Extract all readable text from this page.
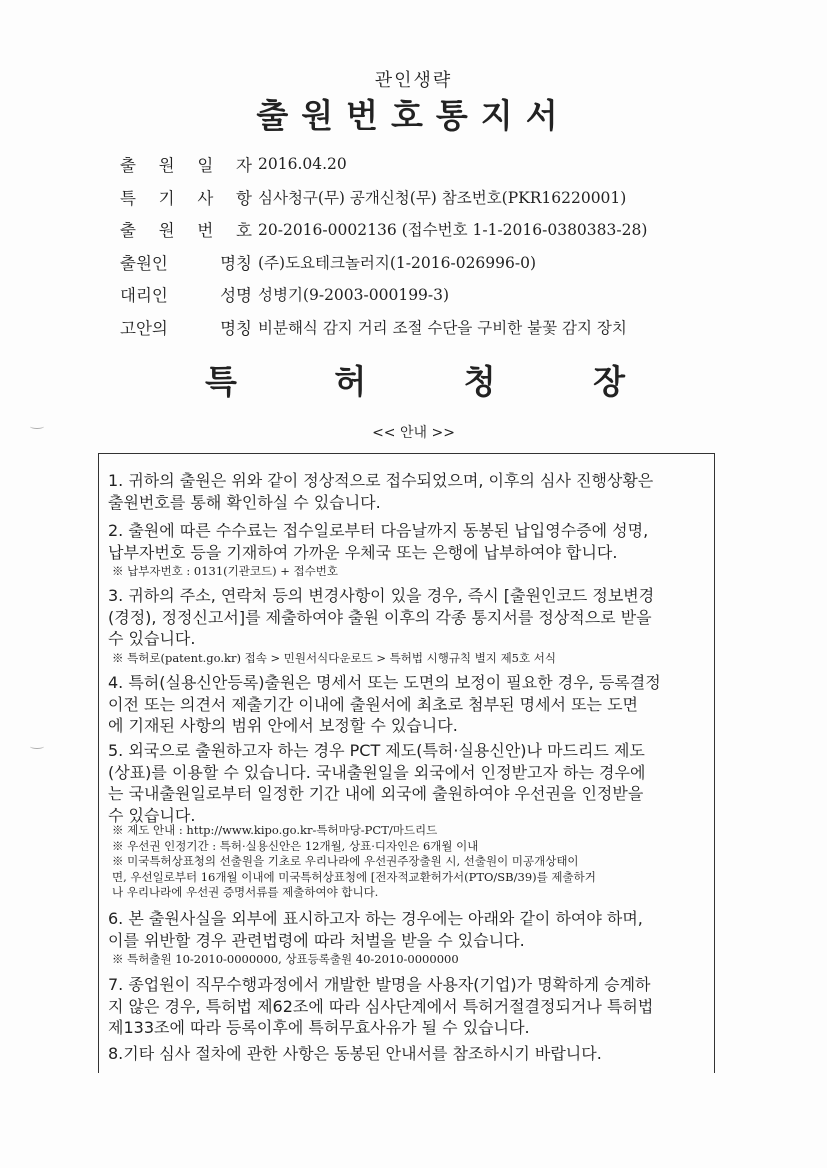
관인생략
출원번호통지서
출 원 일 자 2016.04.20
특 기 사 항 심사청구(무) 공개신청(무) 참조번호(PKR16220001)
출 원 번 호 20-2016-0002136 (접수번호 1-1-2016-0380383-28)
출원인 명칭 (주)도요테크놀러지(1-2016-026996-0)
대리인 성명 성병기(9-2003-000199-3)
고안의 명칭 비분해식 감지 거리 조절 수단을 구비한 불꽃 감지 장치
특	허	청	장
<< 안내 >>
1. 귀하의 출원은 위와 같이 정상적으로 접수되었으며, 이후의 심사 진행상황은
출원번호를 통해 확인하실 수 있습니다.
2. 출원에 따른 수수료는 접수일로부터 다음날까지 동봉된 납입영수증에 성명,
납부자번호 등을 기재하여 가까운 우체국 또는 은행에 납부하여야 합니다.
※ 납부자번호 : 0131(기관코드) + 접수번호
3. 귀하의 주소, 연락처 등의 변경사항이 있을 경우, 즉시 [출원인코드 정보변경
(경정), 정정신고서]를 제출하여야 출원 이후의 각종 통지서를 정상적으로 받을
수 있습니다.
※ 특허로(patent.go.kr) 접속 > 민원서식다운로드 > 특허법 시행규칙 별지 제5호 서식
4. 특허(실용신안등록)출원은 명세서 또는 도면의 보정이 필요한 경우, 등록결정
이전 또는 의견서 제출기간 이내에 출원서에 최초로 첨부된 명세서 또는 도면
에 기재된 사항의 범위 안에서 보정할 수 있습니다.
5. 외국으로 출원하고자 하는 경우 PCT 제도(특허·실용신안)나 마드리드 제도
(상표)를 이용할 수 있습니다. 국내출원일을 외국에서 인정받고자 하는 경우에
는 국내출원일로부터 일정한 기간 내에 외국에 출원하여야 우선권을 인정받을
수 있습니다.
※ 제도 안내 : http://www.kipo.go.kr-특허마당-PCT/마드리드
※ 우선권 인정기간 : 특허·실용신안은 12개월, 상표·디자인은 6개월 이내
※ 미국특허상표청의 선출원을 기초로 우리나라에 우선권주장출원 시, 선출원이 미공개상태이
면, 우선일로부터 16개월 이내에 미국특허상표청에 [전자적교환허가서(PTO/SB/39)를 제출하거
나 우리나라에 우선권 증명서류를 제출하여야 합니다.
6. 본 출원사실을 외부에 표시하고자 하는 경우에는 아래와 같이 하여야 하며,
이를 위반할 경우 관련법령에 따라 처벌을 받을 수 있습니다.
※ 특허출원 10-2010-0000000, 상표등록출원 40-2010-0000000
7. 종업원이 직무수행과정에서 개발한 발명을 사용자(기업)가 명확하게 승계하
지 않은 경우, 특허법 제62조에 따라 심사단계에서 특허거절결정되거나 특허법
제133조에 따라 등록이후에 특허무효사유가 될 수 있습니다.
8.기타 심사 절차에 관한 사항은 동봉된 안내서를 참조하시기 바랍니다.
